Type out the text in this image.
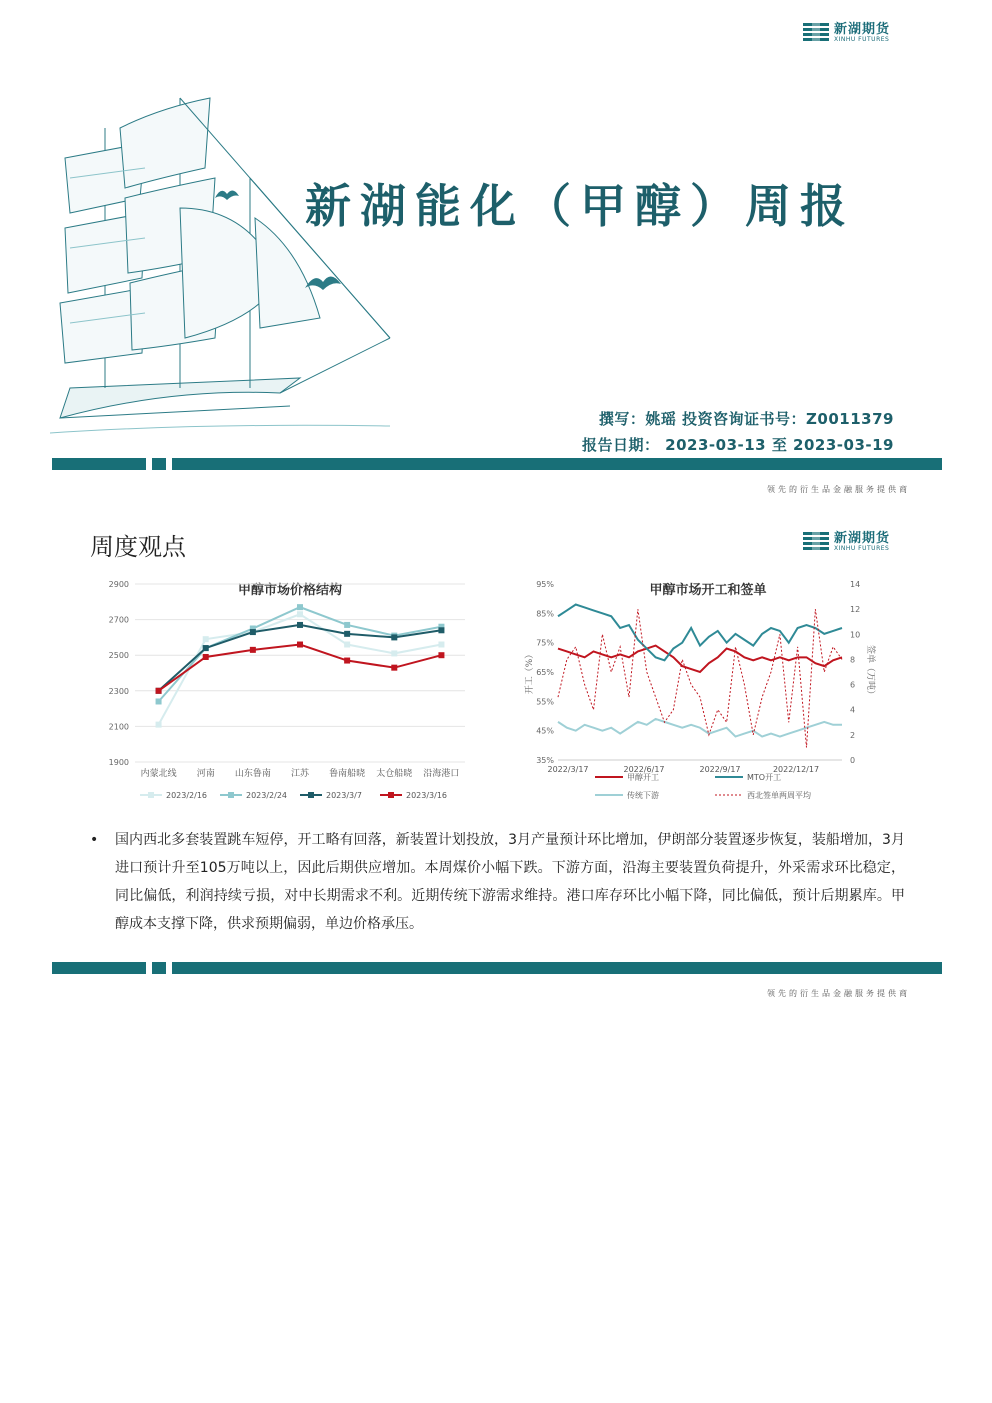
新湖期货
XINHU FUTURES
新湖能化（甲醇）周报
撰写：姚瑶 投资咨询证书号：Z0011379
报告日期： 2023-03-13 至 2023-03-19
领先的衍生品金融服务提供商
周度观点	新湖期货
XINHU FUTURES
甲醇市场价格结构
1900
2100
2300
2500
2700
2900
内蒙北线 河南 山东鲁南 江苏 鲁南船晓 太仓船晓 沿海港口
2023/2/16	2023/2/24	2023/3/7	2023/3/16
甲醇市场开工和签单
35%
45%
55%
65%
75%
85%
95%
0
2
4
6
8
10
12
14
开工（%）	签单（万吨）
2022/3/17	2022/6/17	2022/9/17	2022/12/17
甲醇开工	MTO开工
传统下游	西北签单两周平均
•	国内西北多套装置跳车短停，开工略有回落，新装置计划投放，3月产量预计环比增加，伊朗部分装置逐步恢复，装船增加，3月进口预计升至105万吨以上，因此后期供应增加。本周煤价小幅下跌。下游方面，沿海主要装置负荷提升，外采需求环比稳定，同比偏低，利润持续亏损，对中长期需求不利。近期传统下游需求维持。港口库存环比小幅下降，同比偏低，预计后期累库。甲醇成本支撑下降，供求预期偏弱，单边价格承压。
领先的衍生品金融服务提供商
